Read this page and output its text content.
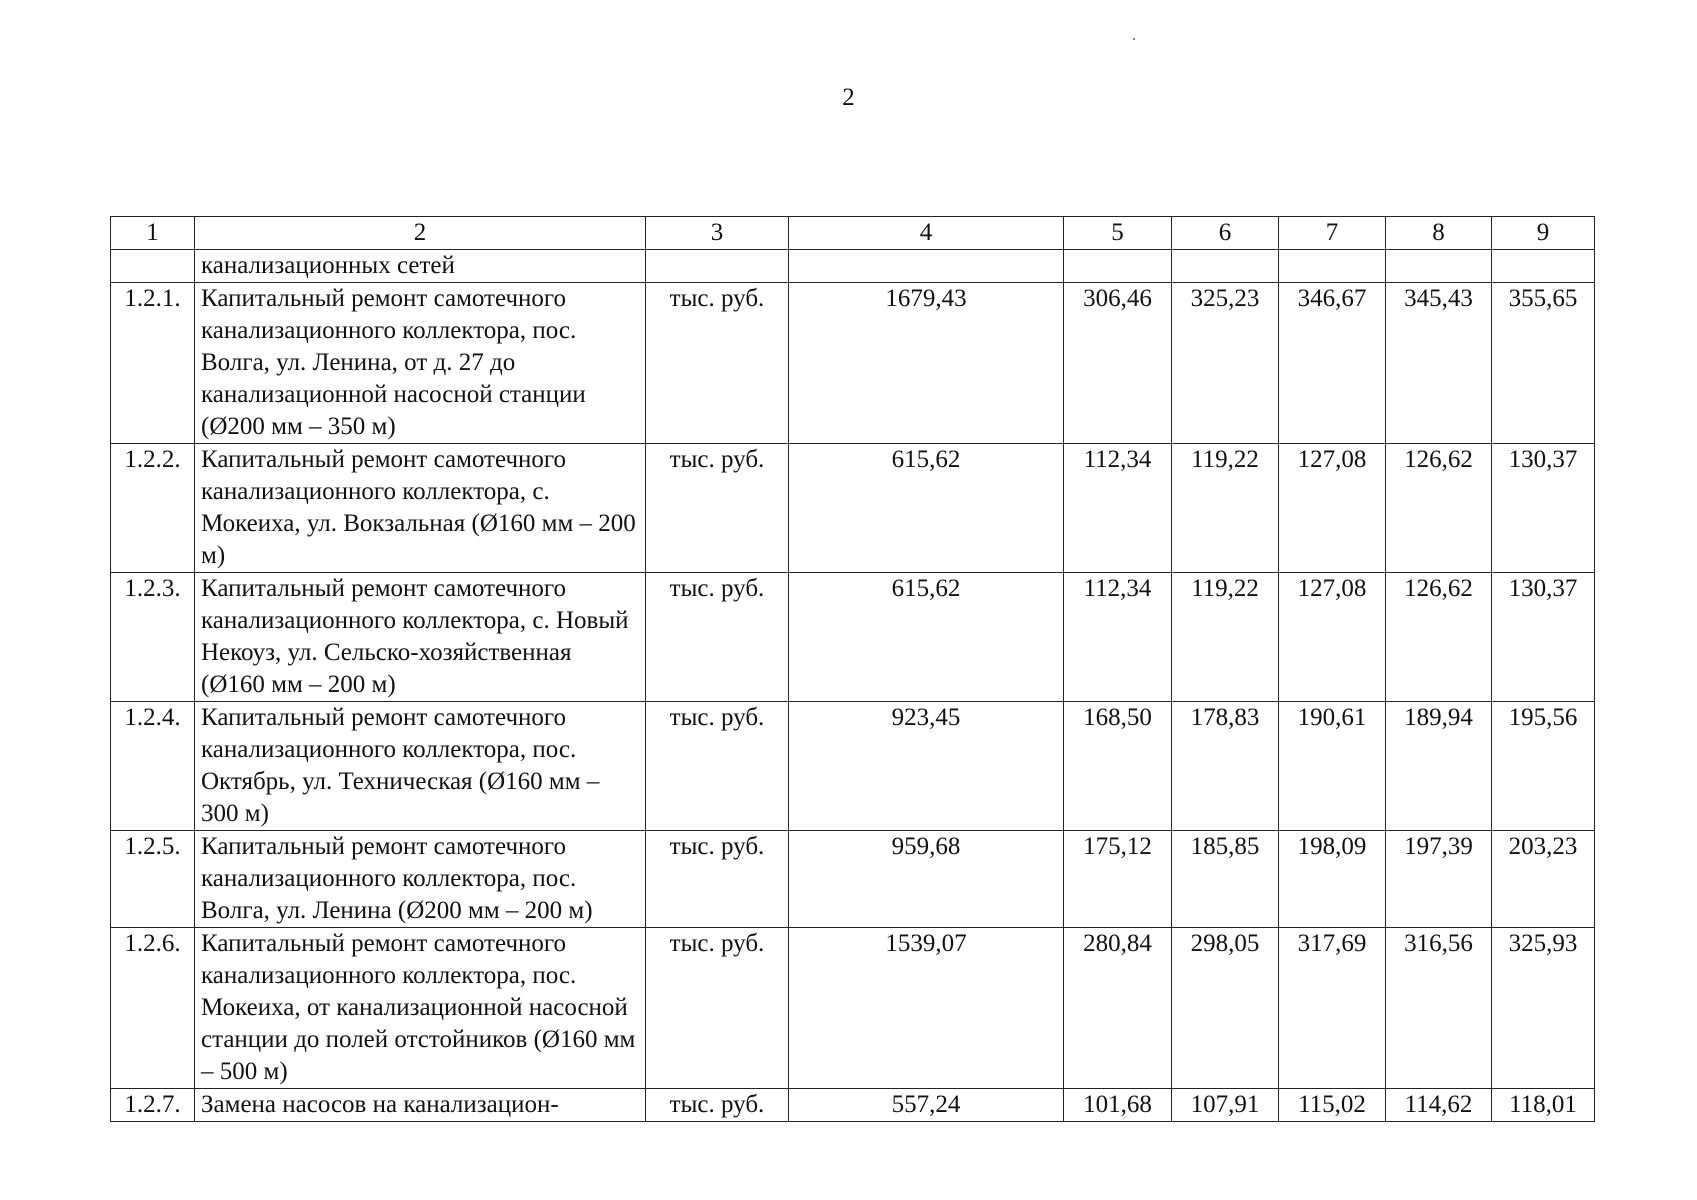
2
1	2	3	4	5	6	7	8	9
	канализационных сетей							
1.2.1.	Капитальный ремонт самотечного канализационного коллектора, пос. Волга, ул. Ленина, от д. 27 до канализационной насосной станции (Ø200 мм – 350 м)	тыс. руб.	1679,43	306,46	325,23	346,67	345,43	355,65
1.2.2.	Капитальный ремонт самотечного канализационного коллектора, с. Мокеиха, ул. Вокзальная (Ø160 мм – 200 м)	тыс. руб.	615,62	112,34	119,22	127,08	126,62	130,37
1.2.3.	Капитальный ремонт самотечного канализационного коллектора, с. Новый Некоуз, ул. Сельско-хозяйственная (Ø160 мм – 200 м)	тыс. руб.	615,62	112,34	119,22	127,08	126,62	130,37
1.2.4.	Капитальный ремонт самотечного канализационного коллектора, пос. Октябрь, ул. Техническая (Ø160 мм – 300 м)	тыс. руб.	923,45	168,50	178,83	190,61	189,94	195,56
1.2.5.	Капитальный ремонт самотечного канализационного коллектора, пос. Волга, ул. Ленина (Ø200 мм – 200 м)	тыс. руб.	959,68	175,12	185,85	198,09	197,39	203,23
1.2.6.	Капитальный ремонт самотечного канализационного коллектора, пос. Мокеиха, от канализационной насосной станции до полей отстойников (Ø160 мм – 500 м)	тыс. руб.	1539,07	280,84	298,05	317,69	316,56	325,93
1.2.7.	Замена насосов на канализацион-	тыс. руб.	557,24	101,68	107,91	115,02	114,62	118,01
